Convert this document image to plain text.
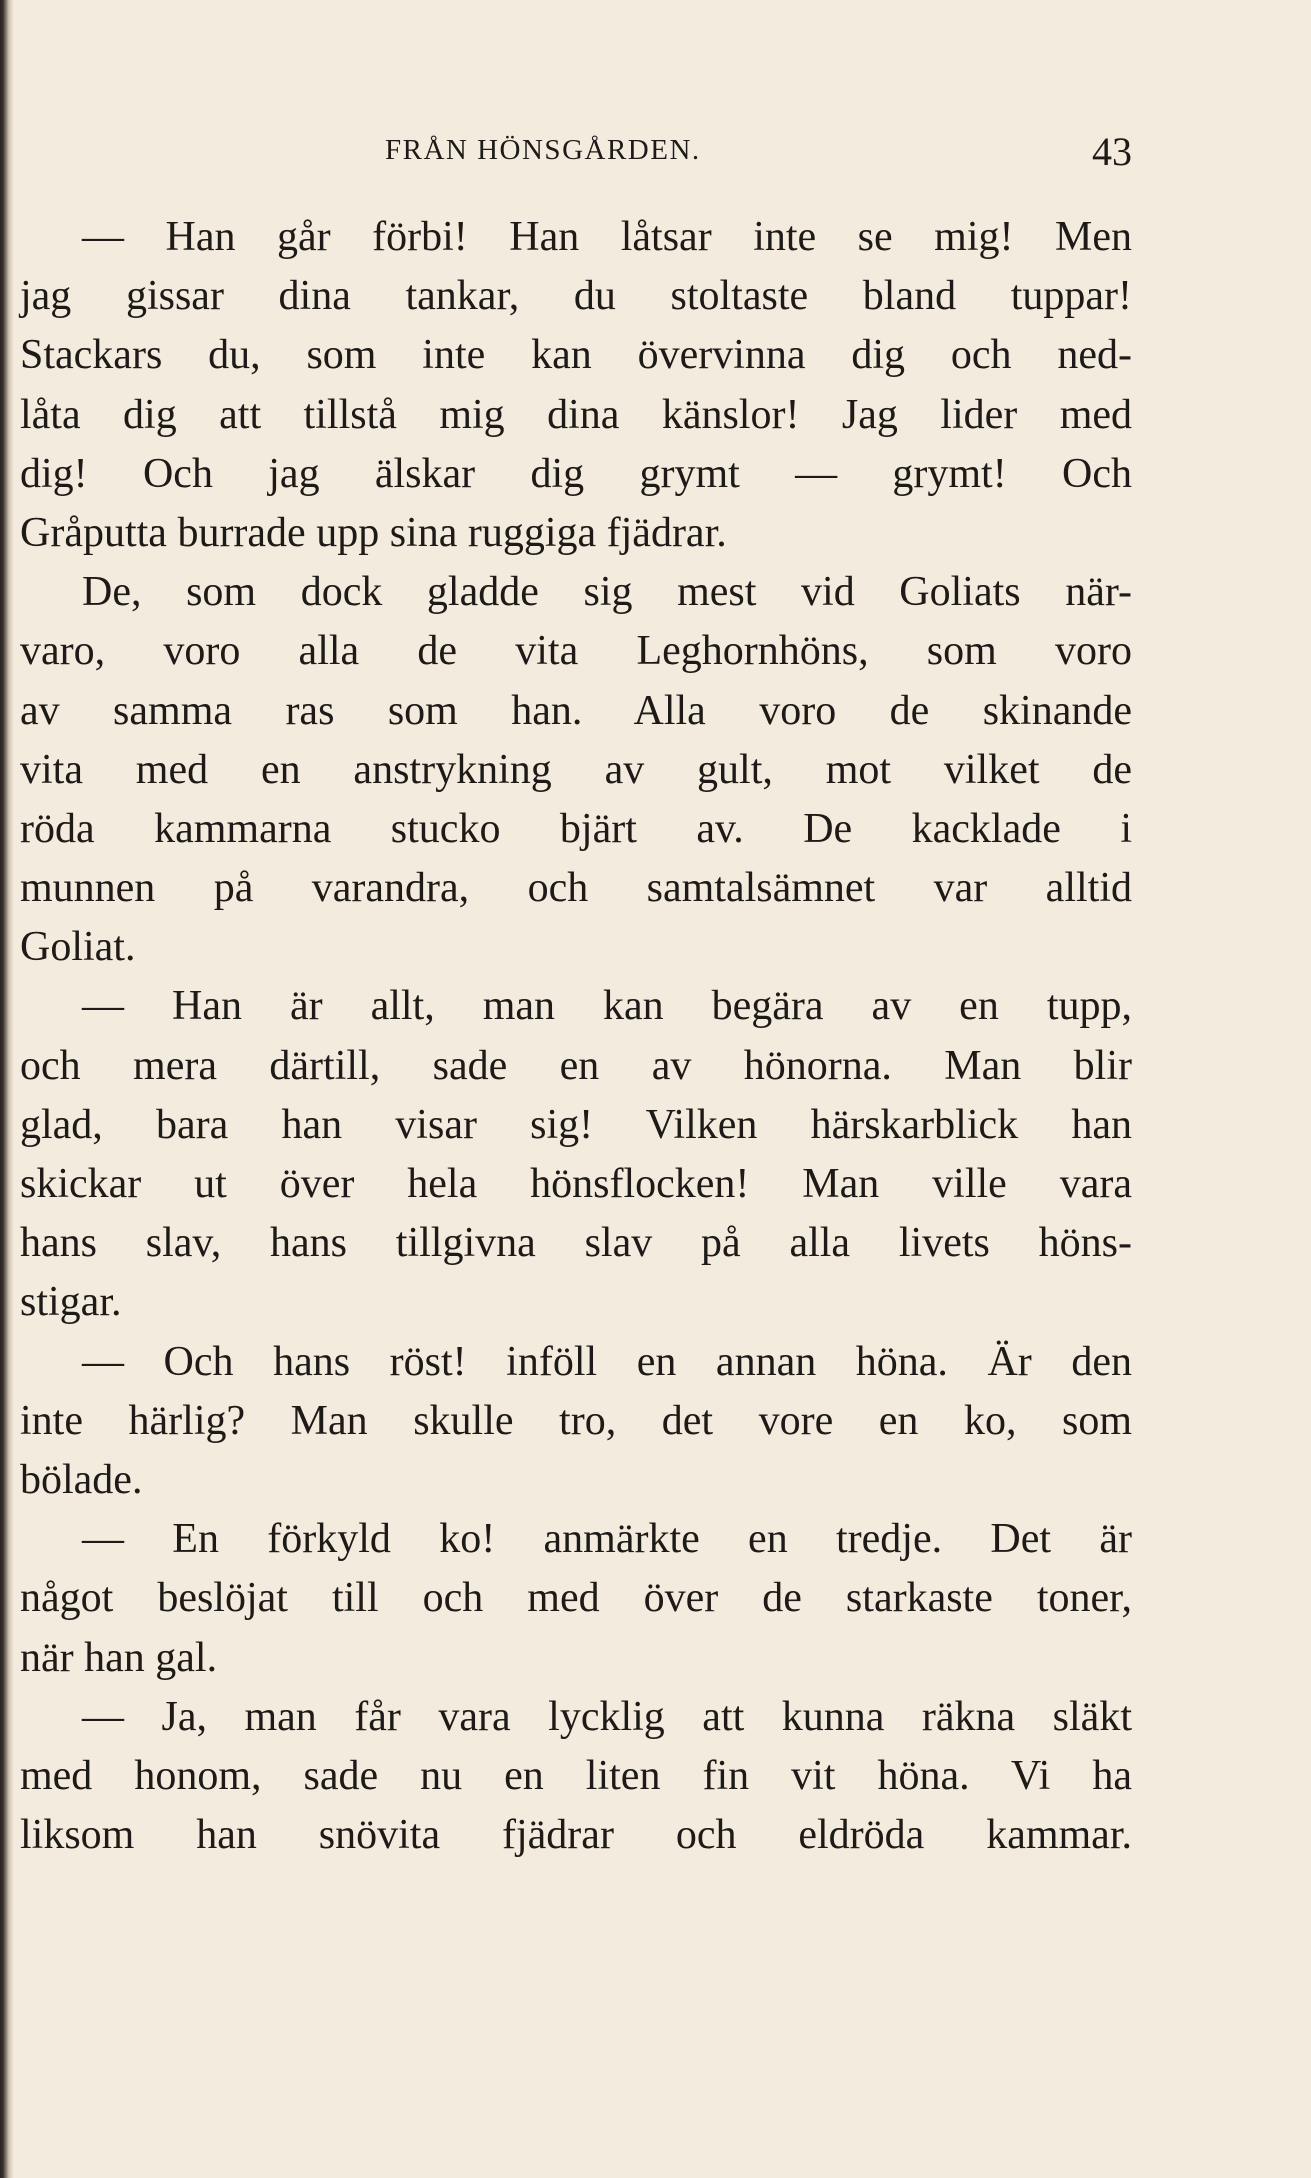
FRÅN HÖNSGÅRDEN.	43
— Han går förbi! Han låtsar inte se mig! Men
jag gissar dina tankar, du stoltaste bland tuppar!
Stackars du, som inte kan övervinna dig och ned-
låta dig att tillstå mig dina känslor! Jag lider med
dig! Och jag älskar dig grymt — grymt! Och
Gråputta burrade upp sina ruggiga fjädrar.
De, som dock gladde sig mest vid Goliats när-
varo, voro alla de vita Leghornhöns, som voro
av samma ras som han. Alla voro de skinande
vita med en anstrykning av gult, mot vilket de
röda kammarna stucko bjärt av. De kacklade i
munnen på varandra, och samtalsämnet var alltid
Goliat.
— Han är allt, man kan begära av en tupp,
och mera därtill, sade en av hönorna. Man blir
glad, bara han visar sig! Vilken härskarblick han
skickar ut över hela hönsflocken! Man ville vara
hans slav, hans tillgivna slav på alla livets höns-
stigar.
— Och hans röst! inföll en annan höna. Är den
inte härlig? Man skulle tro, det vore en ko, som
bölade.
— En förkyld ko! anmärkte en tredje. Det är
något beslöjat till och med över de starkaste toner,
när han gal.
— Ja, man får vara lycklig att kunna räkna släkt
med honom, sade nu en liten fin vit höna. Vi ha
liksom han snövita fjädrar och eldröda kammar.
